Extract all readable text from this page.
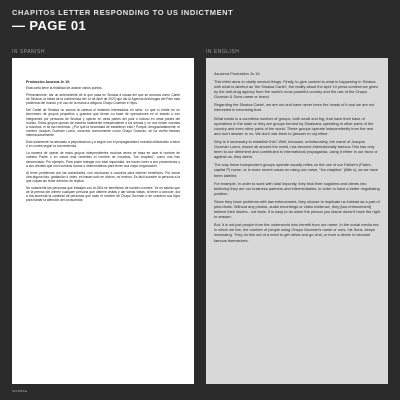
CHAPITOS LETTER RESPONDING TO US INDICTMENT

— PAGE 01
IN SPANISH	IN ENGLISH

Producción Azucena Jn 10:

Esta carta tiene la finalidad de aclarar varios puntos.

Primeramente, dar un antecedente de lo que pasa en Sinaloa a causa del que se anuncia como Cartel de Sinaloa, la mitad de la conferencia del 14 de Abril de 2023 que dio la Agencia Antidrogas del País más poderosa del mundo y el uso de la marca a aleguna Chapo Guzmán e Hijos.

Del Cartel de Sinaloa no somos la cabeza ni estamos interesados en serlo. Lo que sí existe es un sinnúmero de grupos pequeños y grandes que tienen su base de operaciones en el estado o con integrantes por personas de Sinaloa y operan en otras partes del país o incluso en otras partes del mundo. Estos grupos operan de manera totalmente independiente a los demás y no nos rinden cuentas a nosotros, ni se las rendimos. ¿Por qué la necesidad de establecer esto? Porque, desgraciadamente, el nombre Joaquín Guzmán Loera, conocido comúnmente como Chapo Guzmán, se ha vuelto famoso internacionalmente.

Esto solamente ha abonado a perjudicarnos y a seguir con el propagandismo mundial utilizándolo a favor o en contra según la conveniencia.

La manera de operar de estos grupos independientes muchas veces se basa en usar el nombre de nuestro Padre o en casos más recientes el nombre de nosotros, "los chapitos", como nos han denominado. Por ejemplo, Para poder trabajar con total impunidad, les hacen creer a sus proveedores y a sus clientes que son nuestros socios o intermediarios para tener una mejor negociación.

Al tener problemas con las autoridades, nos involucran a nosotros para obtener beneficios. Por tomar otra alguna foto, grabación o video, es basan solo en dichos, no hechos. Es fácil suceder la persona a la que culpas sin tener derecho de réplica.

No solamente las personas que trabajan con la DEA se benefician de nuestro nombre. Ya es sabido que de la prensa del crimen cualquier persona que obtiene visitas y dar varias vistas, al tener a conocer, día a día aumenta la cantidad de personas que usan el nombre de Chapo Guzmán e de nosotros sus hijos para llamar la atención del consumidor.

Azucena Production Jn 10:

This letter aims to clarify several things. Firstly, to give context to what is happening in Sinaloa with what is labeled as 'the Sinaloa Cartel', the reality about the April 14 press conference given by the anti-drug agency from the world's most powerful country and the use of the Chapo Guzmán & Sons name or brand.

Regarding the Sinaloa Cartel, we are not and have never been the heads of it and we are not interested in becoming that.

What exists is a countless number of groups, both small and big, that have their base of operations in the state or they are groups formed by Sinaloans operating in other parts of the country and even other parts of the world. These groups operate independently from the rest and don't answer to us. We don't ask them to [answer to us] either.

Why is it necessary to establish this? Well, because, unfortunately, the name of Joaquín Guzmán Loera, known all around the world, has become internationally famous.This has only been to our detriment and contributed to international propaganda, using it either in our favor or against us, they deem.

The way these independent groups operate usually relies on the use of our Father's (Padre, capital P) name, or in more recent cases on using our name, "los chapitos" (little c), as we have been labeled.

For example, in order to work with total impunity, they trick their suppliers and clients into believing they are our business partners and intermediaries, in order to have a better negotiating position.

Since they have problems with law enforcement, they choose to implicate us instead as a part of plea deals. Without any photos, audio recordings or video evidence, they [law enforcement] believe their stories - not facts. It is easy to do when the person you blame doesn't have the right to answer.

But, it is not just people from the underworld who benefit from our name. In the social media era in which we live, the number of people using Chapo Guzmán's name or ours, his Sons, keeps increasing. They do this out of a need to get views and go viral, or from a desire to become famous themselves.

INFOBAE
